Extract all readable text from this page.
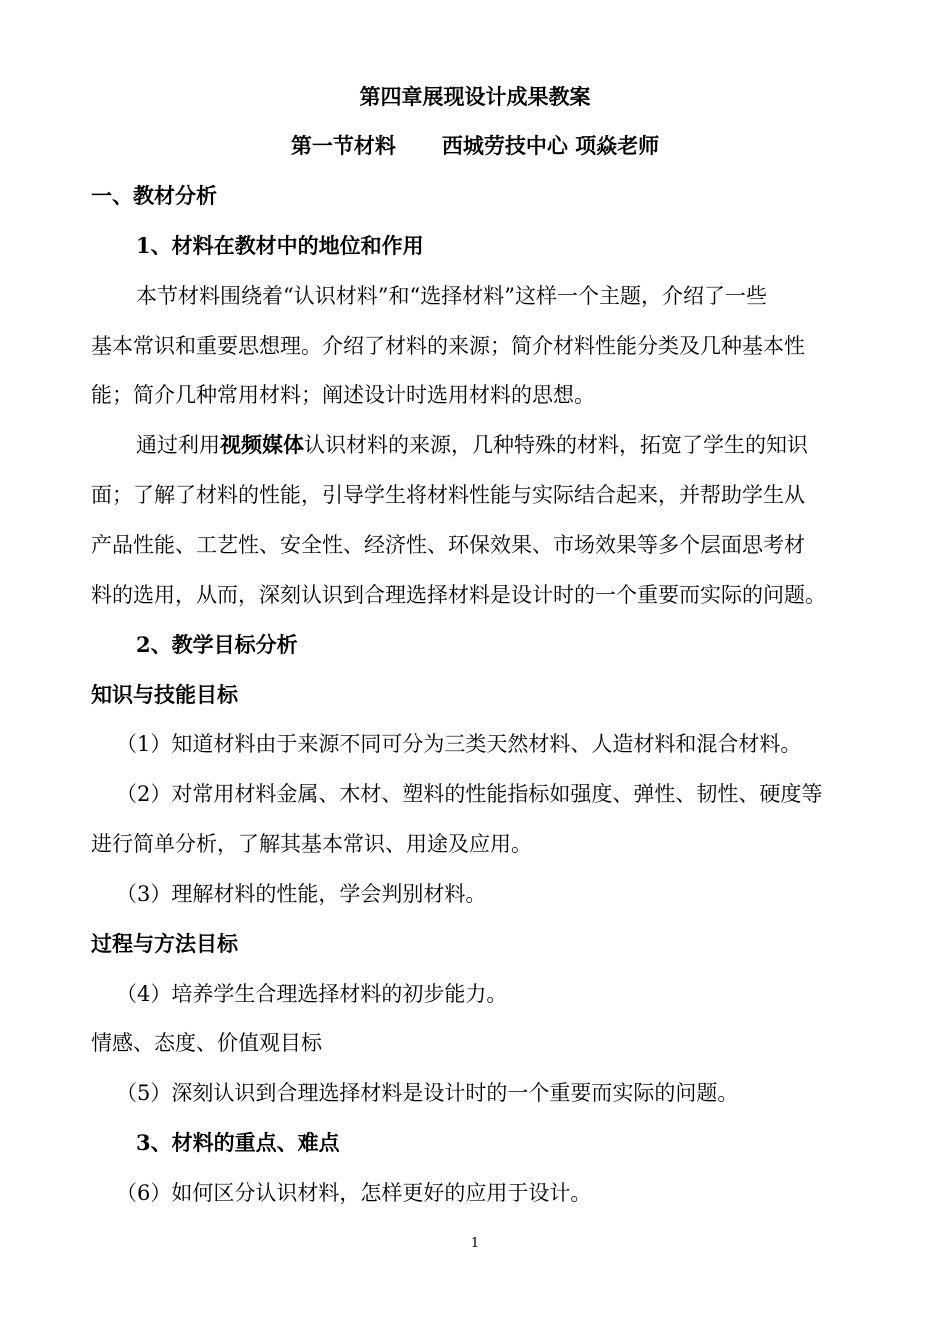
第四章展现设计成果教案
第一节材料 西城劳技中心 项焱老师
一、教材分析
1、材料在教材中的地位和作用
本节材料围绕着“认识材料”和“选择材料”这样一个主题，介绍了一些
基本常识和重要思想理。介绍了材料的来源；简介材料性能分类及几种基本性
能；简介几种常用材料；阐述设计时选用材料的思想。
通过利用视频媒体认识材料的来源，几种特殊的材料，拓宽了学生的知识
面；了解了材料的性能，引导学生将材料性能与实际结合起来，并帮助学生从
产品性能、工艺性、安全性、经济性、环保效果、市场效果等多个层面思考材
料的选用，从而，深刻认识到合理选择材料是设计时的一个重要而实际的问题。
2、教学目标分析
知识与技能目标
（1）知道材料由于来源不同可分为三类天然材料、人造材料和混合材料。
（2）对常用材料金属、木材、塑料的性能指标如强度、弹性、韧性、硬度等
进行简单分析，了解其基本常识、用途及应用。
（3）理解材料的性能，学会判别材料。
过程与方法目标
（4）培养学生合理选择材料的初步能力。
情感、态度、价值观目标
（5）深刻认识到合理选择材料是设计时的一个重要而实际的问题。
3、材料的重点、难点
（6）如何区分认识材料，怎样更好的应用于设计。
1
